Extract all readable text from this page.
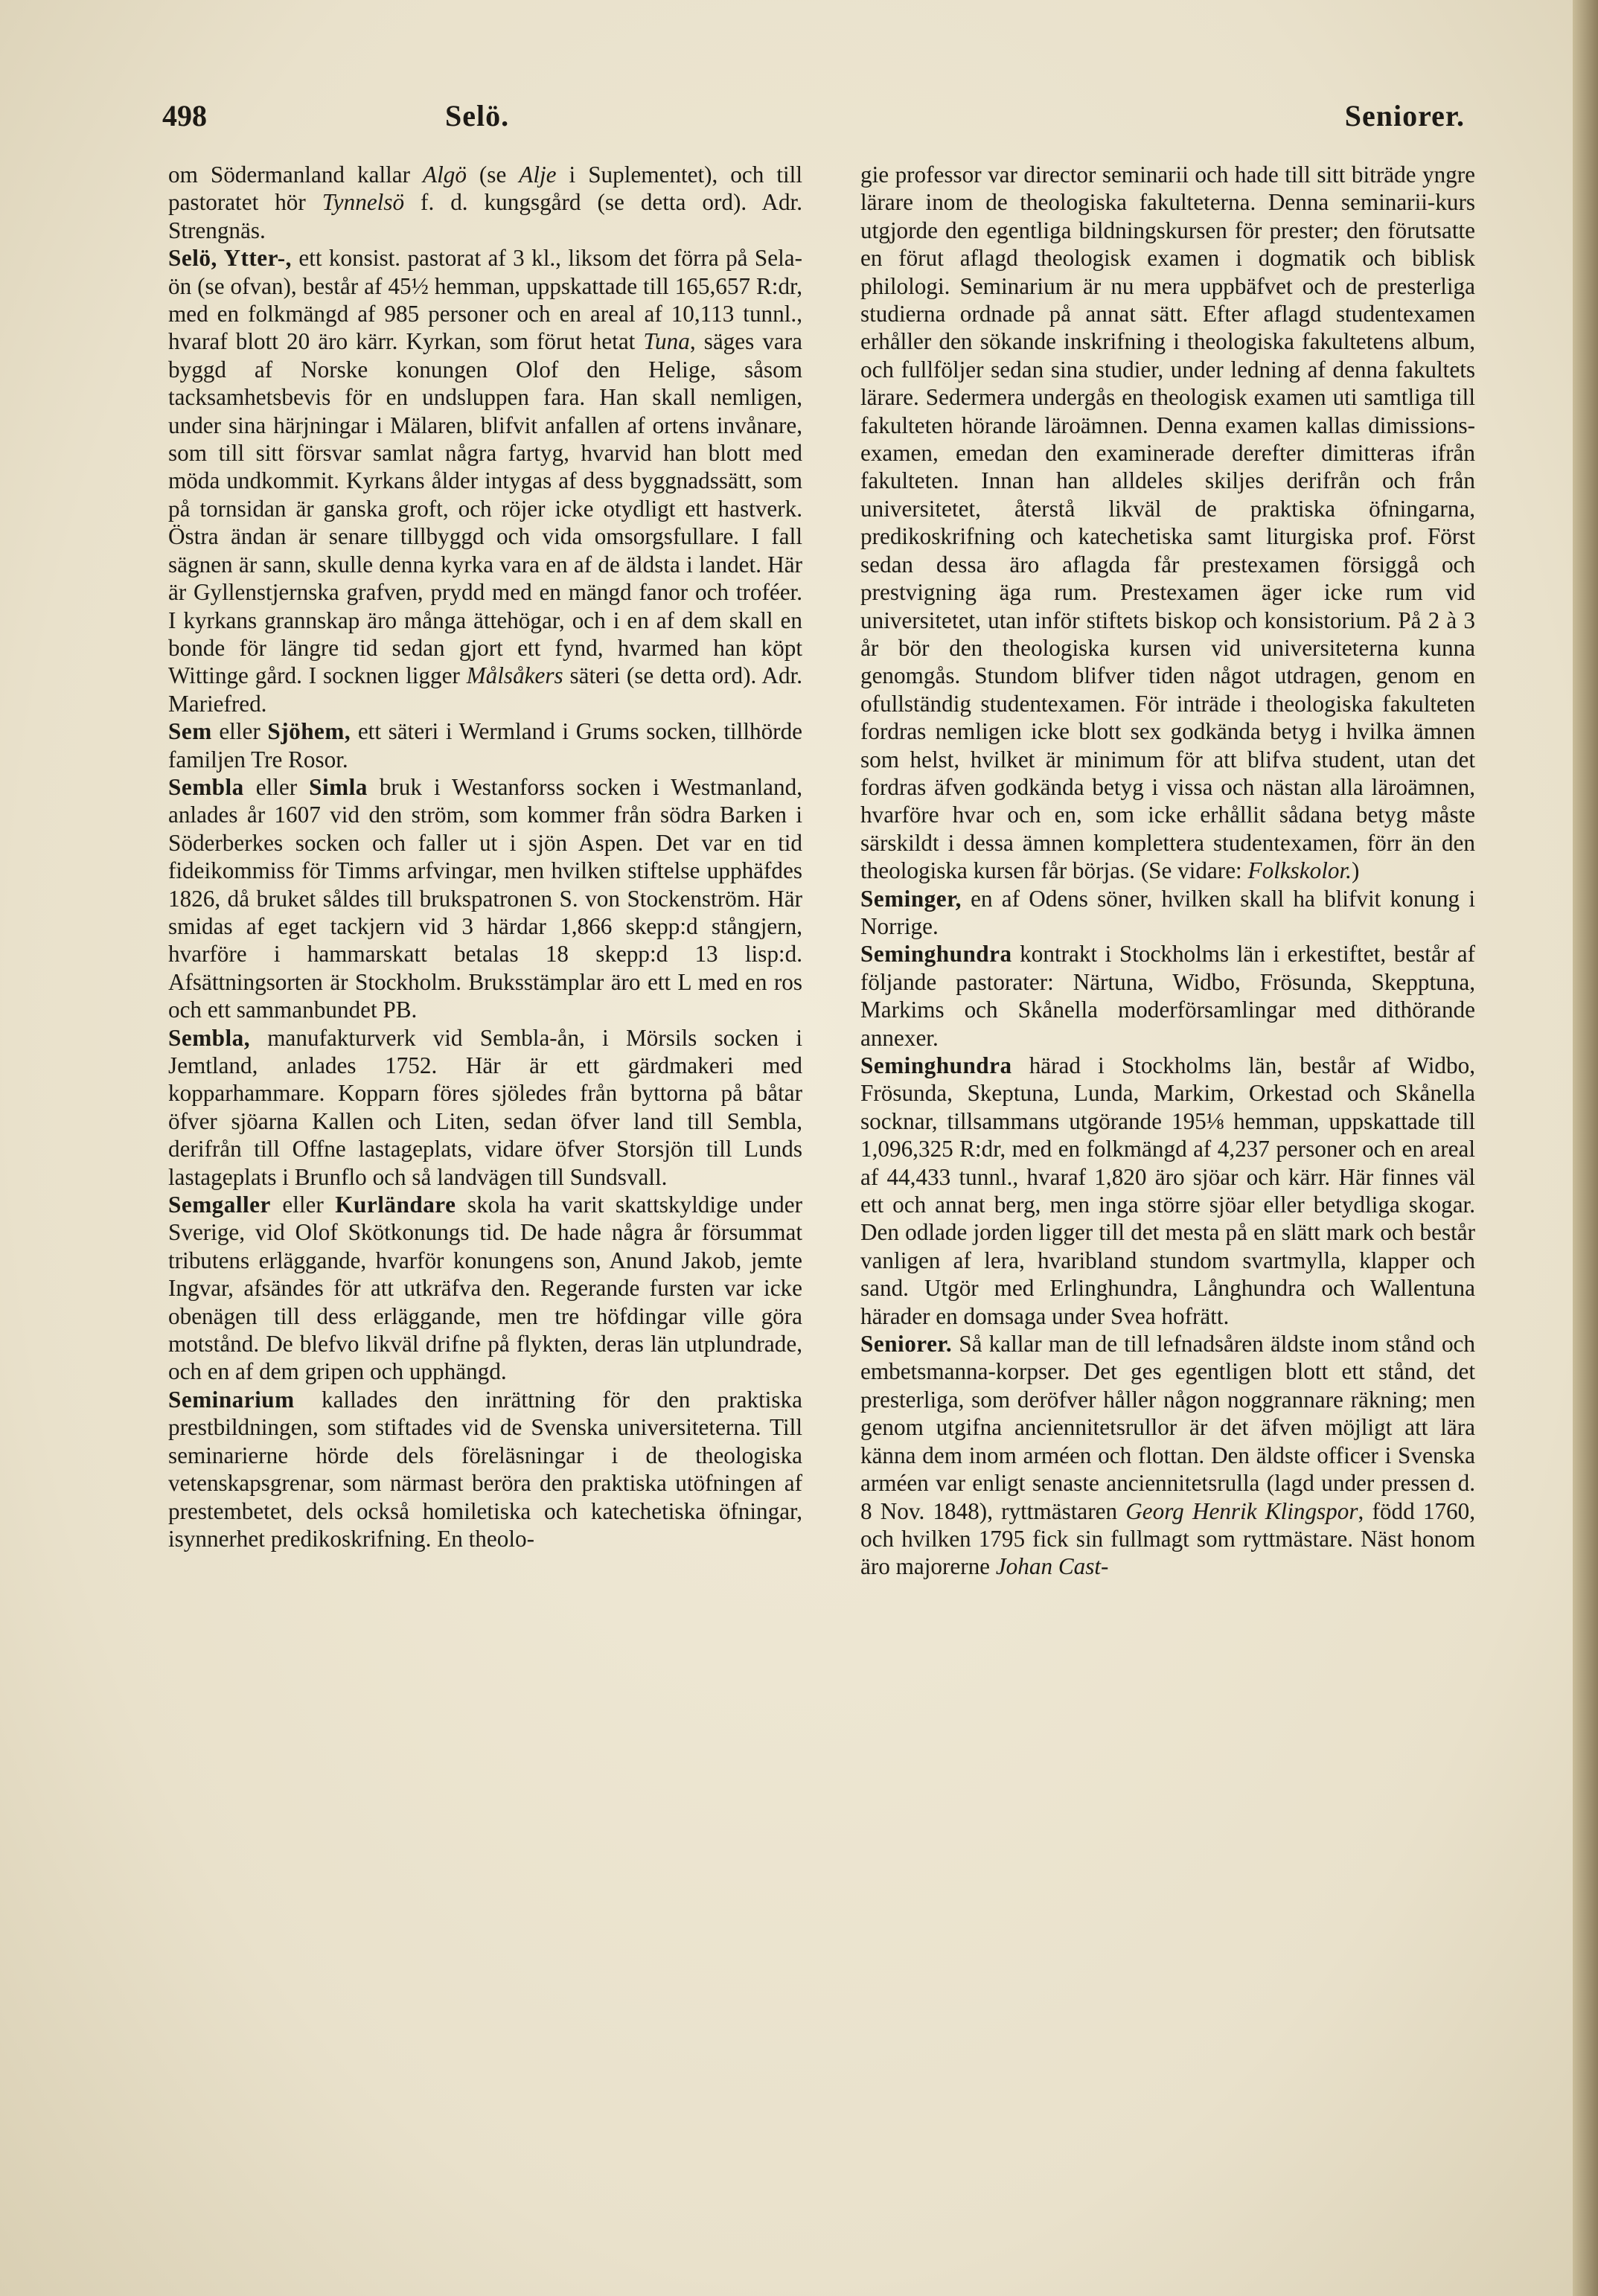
498	Selö.	Seniorer.

om Södermanland kallar Algö (se Alje i Suplementet), och till pastoratet hör Tynnelsö f. d. kungsgård (se detta ord). Adr. Strengnäs.

Selö, Ytter-, ett konsist. pastorat af 3 kl., liksom det förra på Sela-ön (se ofvan), består af 45½ hemman, uppskattade till 165,657 R:dr, med en folkmängd af 985 personer och en areal af 10,113 tunnl., hvaraf blott 20 äro kärr. Kyrkan, som förut hetat Tuna, säges vara byggd af Norske konungen Olof den Helige, såsom tacksamhetsbevis för en undsluppen fara. Han skall nemligen, under sina härjningar i Mälaren, blifvit anfallen af ortens invånare, som till sitt försvar samlat några fartyg, hvarvid han blott med möda undkommit. Kyrkans ålder intygas af dess byggnadssätt, som på tornsidan är ganska groft, och röjer icke otydligt ett hastverk. Östra ändan är senare tillbyggd och vida omsorgsfullare. I fall sägnen är sann, skulle denna kyrka vara en af de äldsta i landet. Här är Gyllenstjernska grafven, prydd med en mängd fanor och troféer. I kyrkans grannskap äro många ättehögar, och i en af dem skall en bonde för längre tid sedan gjort ett fynd, hvarmed han köpt Wittinge gård. I socknen ligger Målsåkers säteri (se detta ord). Adr. Mariefred.

Sem eller Sjöhem, ett säteri i Wermland i Grums socken, tillhörde familjen Tre Rosor.

Sembla eller Simla bruk i Westanforss socken i Westmanland, anlades år 1607 vid den ström, som kommer från södra Barken i Söderberkes socken och faller ut i sjön Aspen. Det var en tid fideikommiss för Timms arfvingar, men hvilken stiftelse upphäfdes 1826, då bruket såldes till brukspatronen S. von Stockenström. Här smidas af eget tackjern vid 3 härdar 1,866 skepp:d stångjern, hvarföre i hammarskatt betalas 18 skepp:d 13 lisp:d. Afsättningsorten är Stockholm. Bruksstämplar äro ett L med en ros och ett sammanbundet PB.

Sembla, manufakturverk vid Sembla-ån, i Mörsils socken i Jemtland, anlades 1752. Här är ett gärdmakeri med kopparhammare. Kopparn föres sjöledes från byttorna på båtar öfver sjöarna Kallen och Liten, sedan öfver land till Sembla, derifrån till Offne lastageplats, vidare öfver Storsjön till Lunds lastageplats i Brunflo och så landvägen till Sundsvall.

Semgaller eller Kurländare skola ha varit skattskyldige under Sverige, vid Olof Skötkonungs tid. De hade några år försummat tributens erläggande, hvarför konungens son, Anund Jakob, jemte Ingvar, afsändes för att utkräfva den. Regerande fursten var icke obenägen till dess erläggande, men tre höfdingar ville göra motstånd. De blefvo likväl drifne på flykten, deras län utplundrade, och en af dem gripen och upphängd.

Seminarium kallades den inrättning för den praktiska prestbildningen, som stiftades vid de Svenska universiteterna. Till seminarierne hörde dels föreläsningar i de theologiska vetenskapsgrenar, som närmast beröra den praktiska utöfningen af prestembetet, dels också homiletiska och katechetiska öfningar, isynnerhet predikoskrifning. En theolo-

gie professor var director seminarii och hade till sitt biträde yngre lärare inom de theologiska fakulteterna. Denna seminarii-kurs utgjorde den egentliga bildningskursen för prester; den förutsatte en förut aflagd theologisk examen i dogmatik och biblisk philologi. Seminarium är nu mera uppbäfvet och de presterliga studierna ordnade på annat sätt. Efter aflagd studentexamen erhåller den sökande inskrifning i theologiska fakultetens album, och fullföljer sedan sina studier, under ledning af denna fakultets lärare. Sedermera undergås en theologisk examen uti samtliga till fakulteten hörande läroämnen. Denna examen kallas dimissions-examen, emedan den examinerade derefter dimitteras ifrån fakulteten. Innan han alldeles skiljes derifrån och från universitetet, återstå likväl de praktiska öfningarna, predikoskrifning och katechetiska samt liturgiska prof. Först sedan dessa äro aflagda får prestexamen försiggå och prestvigning äga rum. Prestexamen äger icke rum vid universitetet, utan inför stiftets biskop och konsistorium. På 2 à 3 år bör den theologiska kursen vid universiteterna kunna genomgås. Stundom blifver tiden något utdragen, genom en ofullständig studentexamen. För inträde i theologiska fakulteten fordras nemligen icke blott sex godkända betyg i hvilka ämnen som helst, hvilket är minimum för att blifva student, utan det fordras äfven godkända betyg i vissa och nästan alla läroämnen, hvarföre hvar och en, som icke erhållit sådana betyg måste särskildt i dessa ämnen komplettera studentexamen, förr än den theologiska kursen får börjas. (Se vidare: Folkskolor.)

Seminger, en af Odens söner, hvilken skall ha blifvit konung i Norrige.

Seminghundra kontrakt i Stockholms län i erkestiftet, består af följande pastorater: Närtuna, Widbo, Frösunda, Skepptuna, Markims och Skånella moderförsamlingar med dithörande annexer.

Seminghundra härad i Stockholms län, består af Widbo, Frösunda, Skeptuna, Lunda, Markim, Orkestad och Skånella socknar, tillsammans utgörande 195⅛ hemman, uppskattade till 1,096,325 R:dr, med en folkmängd af 4,237 personer och en areal af 44,433 tunnl., hvaraf 1,820 äro sjöar och kärr. Här finnes väl ett och annat berg, men inga större sjöar eller betydliga skogar. Den odlade jorden ligger till det mesta på en slätt mark och består vanligen af lera, hvaribland stundom svartmylla, klapper och sand. Utgör med Erlinghundra, Långhundra och Wallentuna härader en domsaga under Svea hofrätt.

Seniorer. Så kallar man de till lefnadsåren äldste inom stånd och embetsmanna-korpser. Det ges egentligen blott ett stånd, det presterliga, som deröfver håller någon noggrannare räkning; men genom utgifna anciennitetsrullor är det äfven möjligt att lära känna dem inom arméen och flottan. Den äldste officer i Svenska arméen var enligt senaste anciennitetsrulla (lagd under pressen d. 8 Nov. 1848), ryttmästaren Georg Henrik Klingspor, född 1760, och hvilken 1795 fick sin fullmagt som ryttmästare. Näst honom äro majorerne Johan Cast-
